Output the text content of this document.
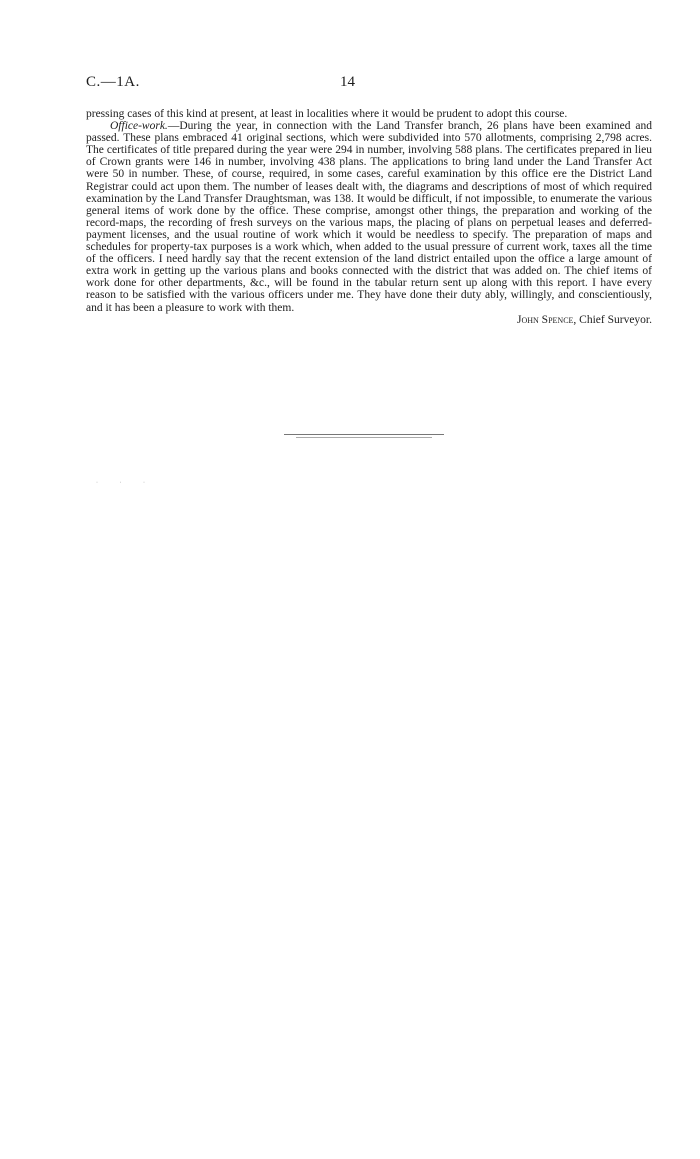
C.—1A.	14

pressing cases of this kind at present, at least in localities where it would be prudent to adopt this course.

Office-work.—During the year, in connection with the Land Transfer branch, 26 plans have been examined and passed. These plans embraced 41 original sections, which were subdivided into 570 allotments, comprising 2,798 acres. The certificates of title prepared during the year were 294 in number, involving 588 plans. The certificates prepared in lieu of Crown grants were 146 in number, involving 438 plans. The applications to bring land under the Land Transfer Act were 50 in number. These, of course, required, in some cases, careful examination by this office ere the District Land Registrar could act upon them. The number of leases dealt with, the diagrams and descriptions of most of which required examination by the Land Transfer Draughtsman, was 138. It would be difficult, if not impossible, to enumerate the various general items of work done by the office. These comprise, amongst other things, the preparation and working of the record-maps, the recording of fresh surveys on the various maps, the placing of plans on perpetual leases and deferred-payment licenses, and the usual routine of work which it would be needless to specify. The preparation of maps and schedules for property-tax purposes is a work which, when added to the usual pressure of current work, taxes all the time of the officers. I need hardly say that the recent extension of the land district entailed upon the office a large amount of extra work in getting up the various plans and books connected with the district that was added on. The chief items of work done for other departments, &c., will be found in the tabular return sent up along with this report. I have every reason to be satisfied with the various officers under me. They have done their duty ably, willingly, and conscientiously, and it has been a pleasure to work with them.

John Spence, Chief Surveyor.

· · ·
